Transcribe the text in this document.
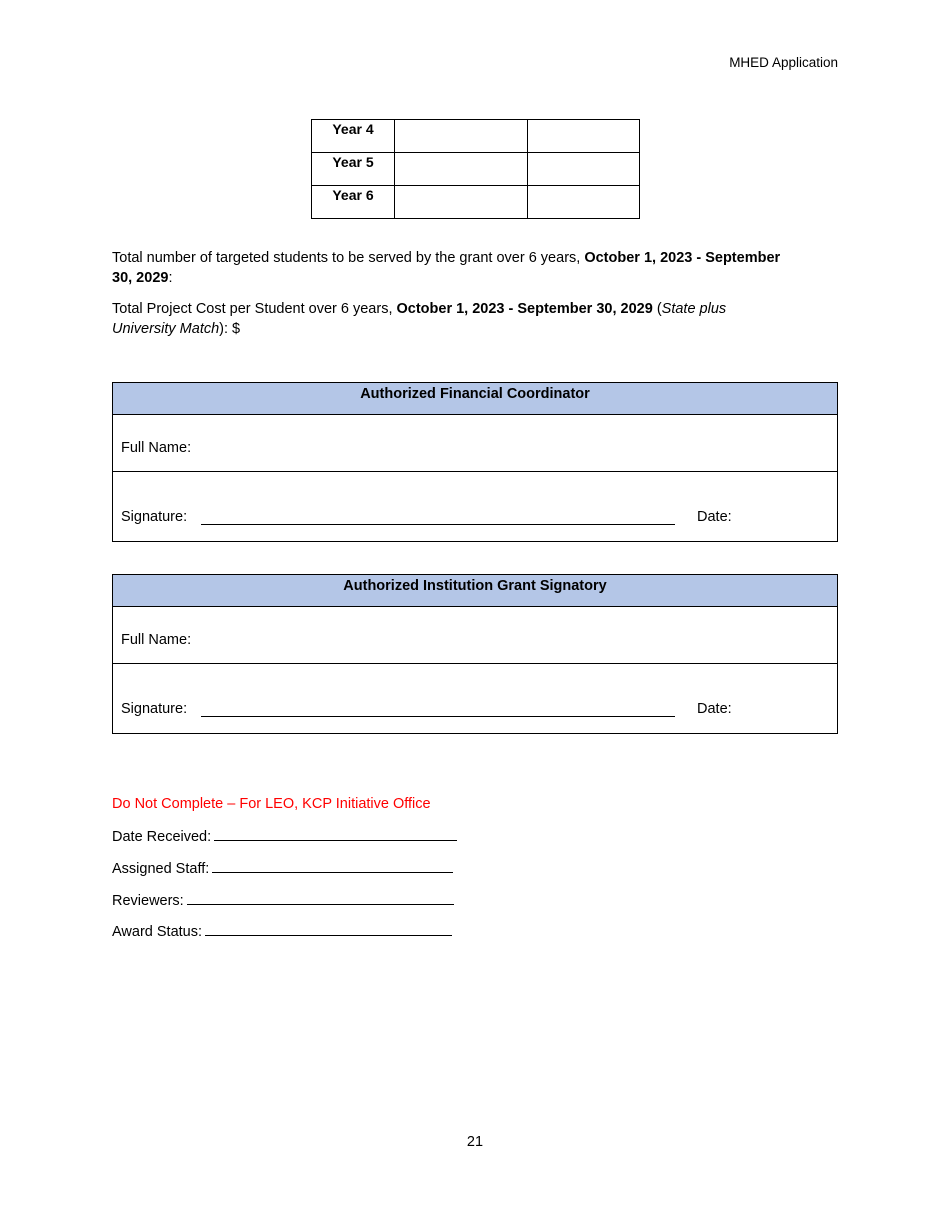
MHED Application
Year 4		
Year 5		
Year 6		
Total number of targeted students to be served by the grant over 6 years, October 1, 2023 - September 30, 2029:
Total Project Cost per Student over 6 years, October 1, 2023 - September 30, 2029 (State plus University Match): $
Authorized Financial Coordinator
Full Name:
Signature:	Date:
Authorized Institution Grant Signatory
Full Name:
Signature:	Date:
Do Not Complete – For LEO, KCP Initiative Office
Date Received:
Assigned Staff:
Reviewers:
Award Status:
21
